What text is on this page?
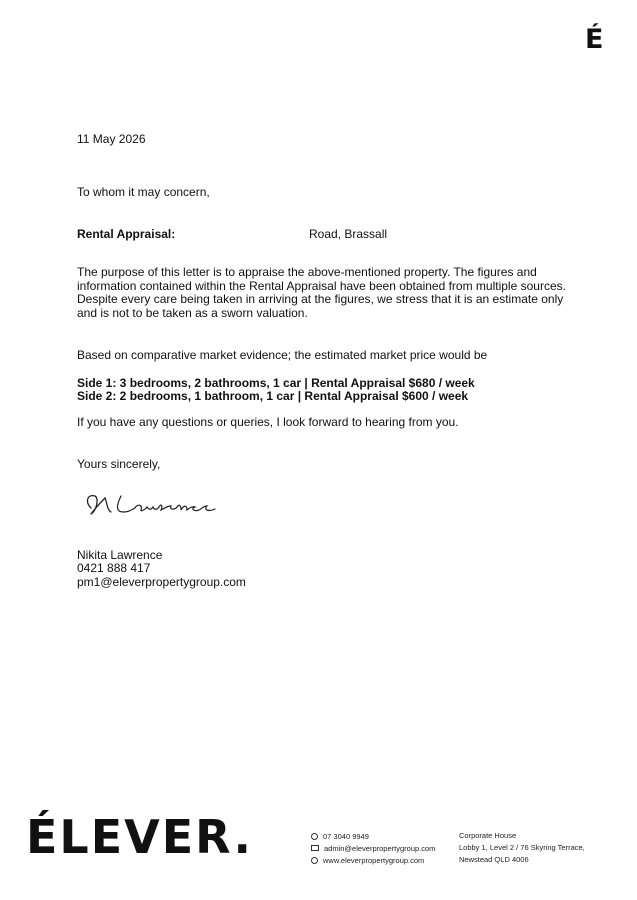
É
11 May 2026
To whom it may concern,
Rental Appraisal:	Road, Brassall
The purpose of this letter is to appraise the above-mentioned property. The figures and
information contained within the Rental Appraisal have been obtained from multiple sources.
Despite every care being taken in arriving at the figures, we stress that it is an estimate only
and is not to be taken as a sworn valuation.
Based on comparative market evidence; the estimated market price would be
Side 1: 3 bedrooms, 2 bathrooms, 1 car | Rental Appraisal $680 / week
Side 2: 2 bedrooms, 1 bathroom, 1 car | Rental Appraisal $600 / week
If you have any questions or queries, I look forward to hearing from you.
Yours sincerely,
Nikita Lawrence
0421 888 417
pm1@eleverpropertygroup.com
ÉLEVER.	07 3040 9949
admin@eleverpropertygroup.com
www.eleverpropertygroup.com
Corporate House
Lobby 1, Level 2 / 76 Skyring Terrace,
Newstead QLD 4006
